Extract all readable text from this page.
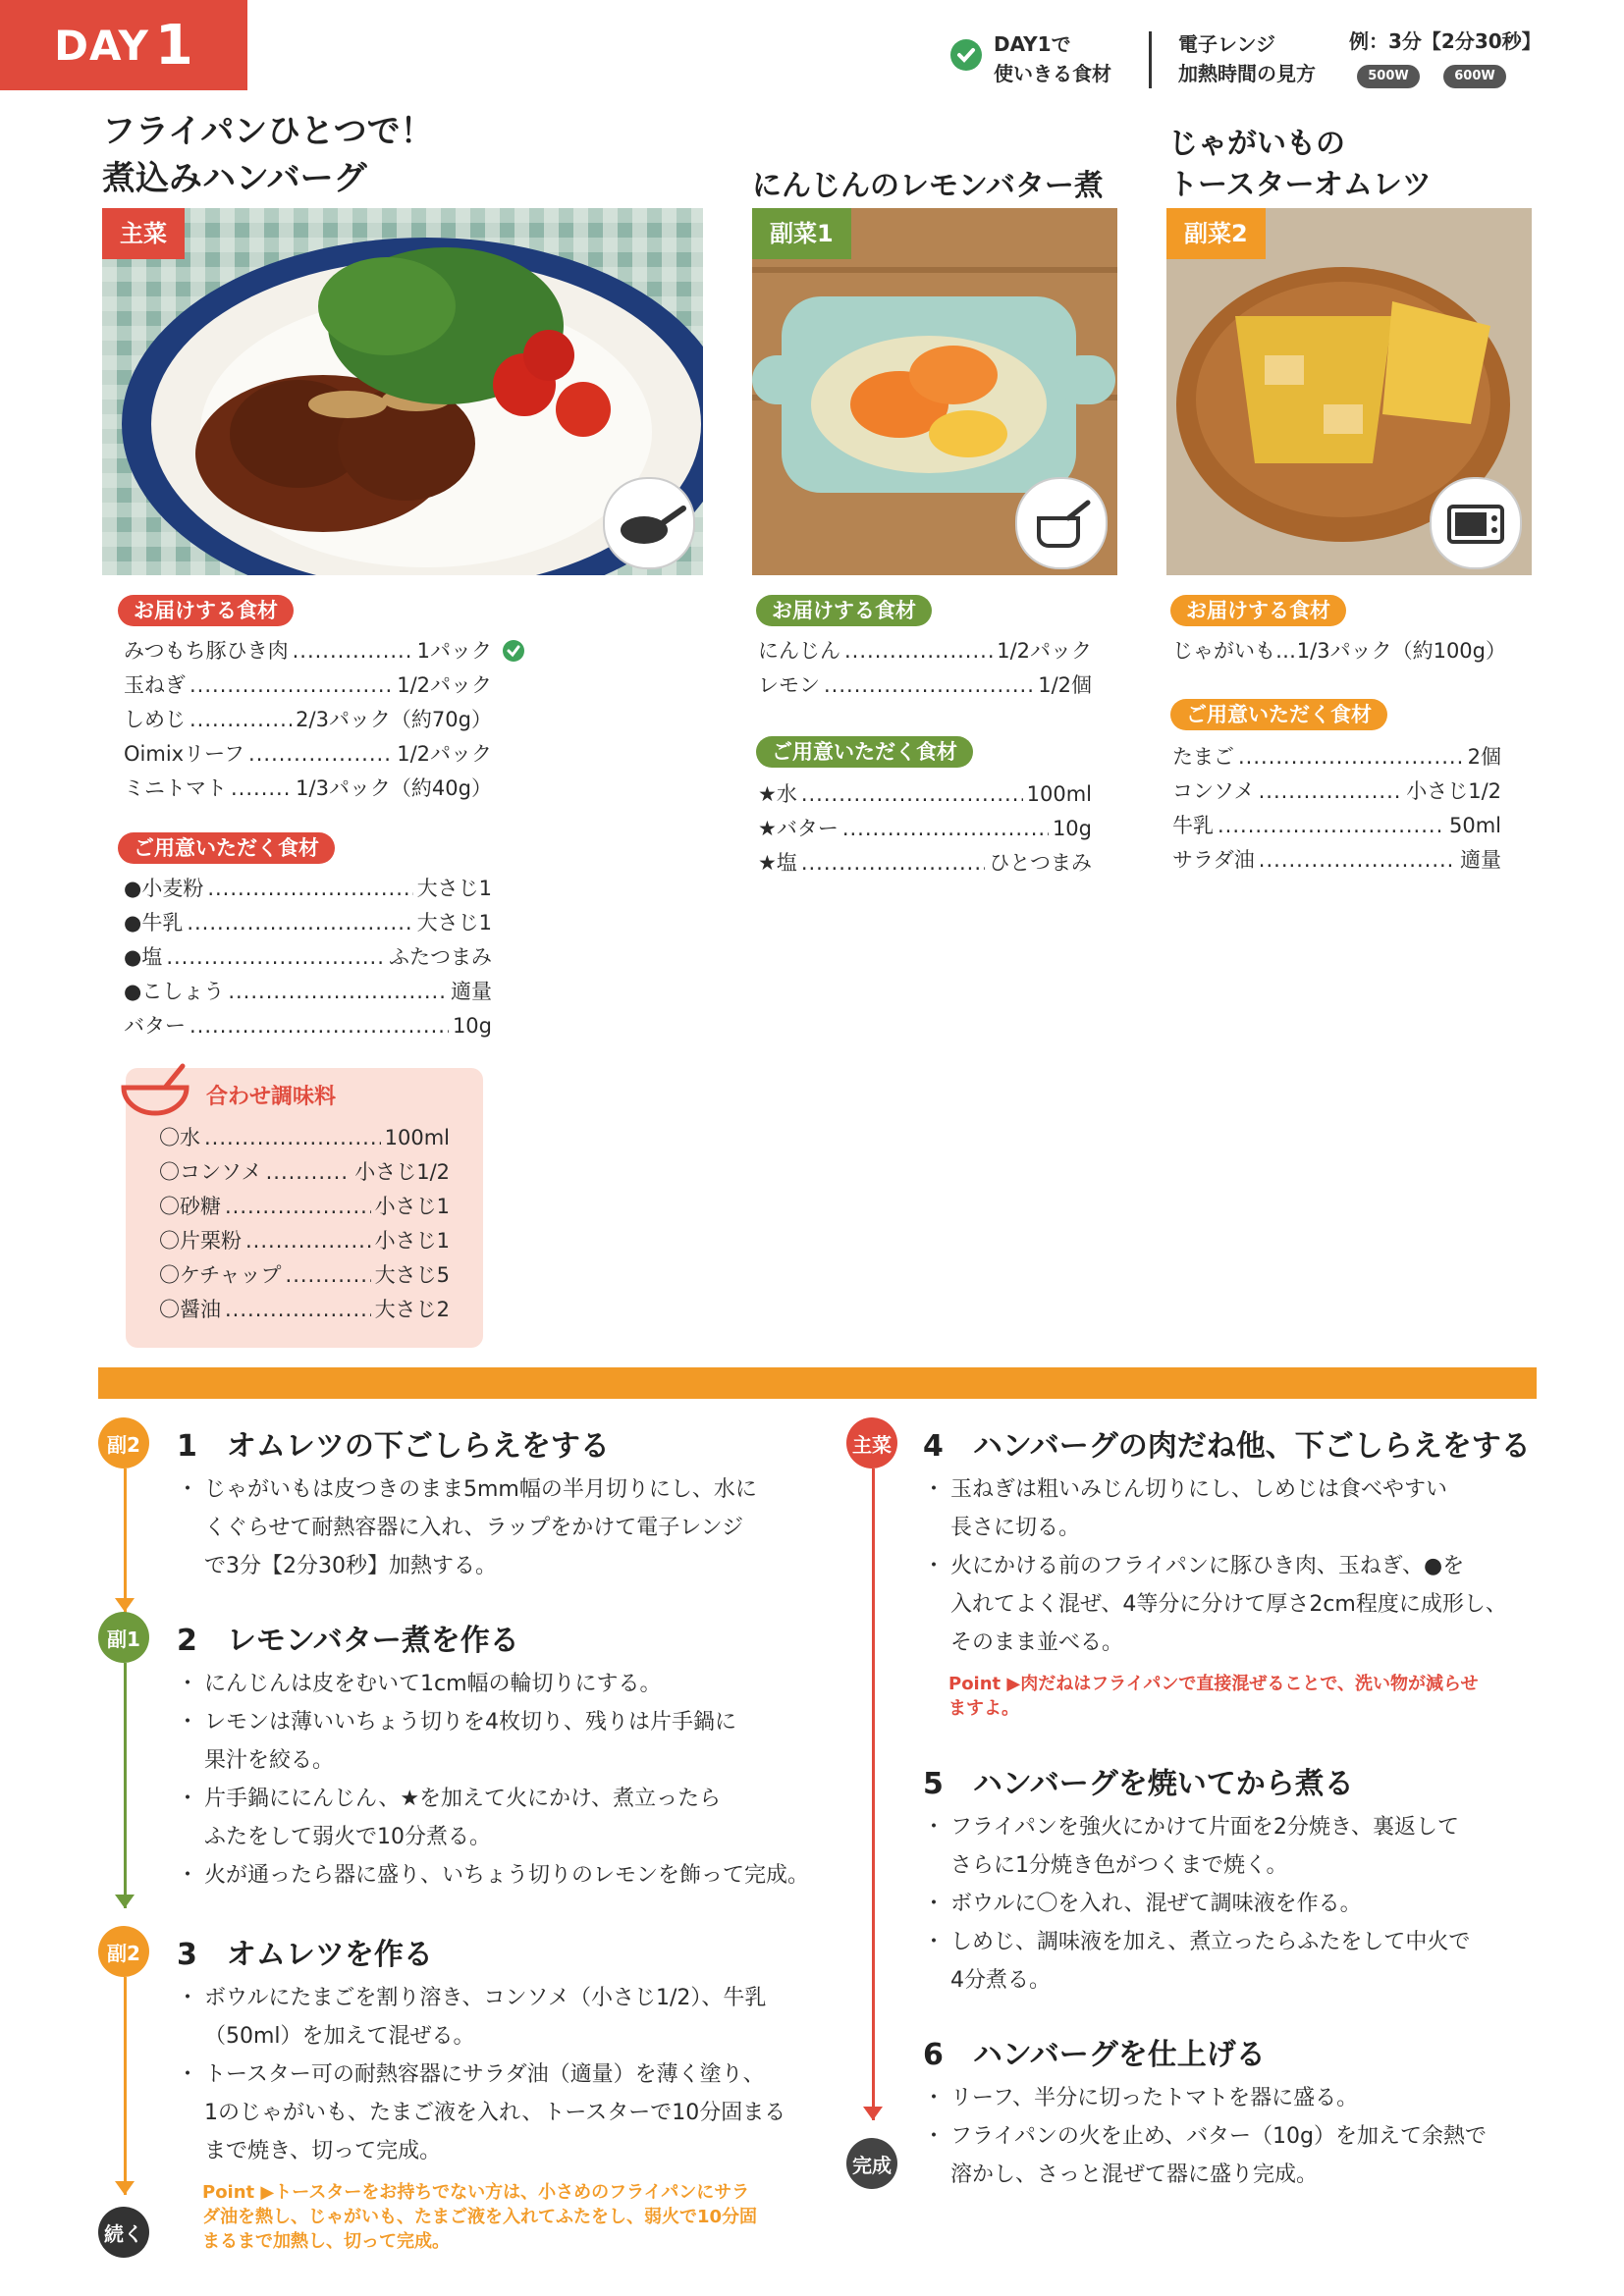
DAY 1	DAY1で
使いきる食材
電子レンジ
加熱時間の見方
例：3分【2分30秒】
500W	600W
フライパンひとつで！
煮込みハンバーグ	にんじんのレモンバター煮
じゃがいもの
トースターオムレツ
主菜	副菜1	副菜2
お届けする食材
みつもち豚ひき肉 .....	1パック
玉ねぎ .....	1/2パック
しめじ .....	2/3パック（約70g）
Oimixリーフ .....	1/2パック
ミニトマト .....	1/3パック（約40g）
ご用意いただく食材
●小麦粉 .....	大さじ1
●牛乳 .....	大さじ1
●塩 .....	ふたつまみ
●こしょう .....	適量
バター .....	10g
合わせ調味料
〇水 .....	100ml
〇コンソメ .....	小さじ1/2
〇砂糖 .....	小さじ1
〇片栗粉 .....	小さじ1
〇ケチャップ .....	大さじ5
〇醤油 .....	大さじ2
お届けする食材
にんじん .....	1/2パック
レモン .....	1/2個
ご用意いただく食材
★水 .....	100ml
★バター .....	10g
★塩 .....	ひとつまみ
お届けする食材
じゃがいも… 1/3パック（約100g）
ご用意いただく食材
たまご .....	2個
コンソメ .....	小さじ1/2
牛乳 .....	50ml
サラダ油 .....	適量
副2
副1
副2
続く
主菜
完成
1　 オムレツの下ごしらえをする
・ じゃがいもは皮つきのまま5mm幅の半月切りにし、水に
くぐらせて耐熱容器に入れ、ラップをかけて電子レンジ
で3分【2分30秒】加熱する。
2　 レモンバター煮を作る
・ にんじんは皮をむいて1cm幅の輪切りにする。
・ レモンは薄いいちょう切りを4枚切り、残りは片手鍋に
果汁を絞る。
・ 片手鍋ににんじん、★を加えて火にかけ、煮立ったら
ふたをして弱火で10分煮る。
・ 火が通ったら器に盛り、いちょう切りのレモンを飾って完成。
3　 オムレツを作る
・ ボウルにたまごを割り溶き、コンソメ（小さじ1/2）、牛乳
（50ml）を加えて混ぜる。
・ トースター可の耐熱容器にサラダ油（適量）を薄く塗り、
1のじゃがいも、たまご液を入れ、トースターで10分固まる
まで焼き、切って完成。
Point ▶トースターをお持ちでない方は、小さめのフライパンにサラ
ダ油を熱し、じゃがいも、たまご液を入れてふたをし、弱火で10分固
まるまで加熱し、切って完成。
4　 ハンバーグの肉だね他、下ごしらえをする
・ 玉ねぎは粗いみじん切りにし、しめじは食べやすい
長さに切る。
・ 火にかける前のフライパンに豚ひき肉、玉ねぎ、●を
入れてよく混ぜ、4等分に分けて厚さ2cm程度に成形し、
そのまま並べる。
Point ▶肉だねはフライパンで直接混ぜることで、洗い物が減らせ
ますよ。
5　 ハンバーグを焼いてから煮る
・ フライパンを強火にかけて片面を2分焼き、裏返して
さらに1分焼き色がつくまで焼く。
・ ボウルに〇を入れ、混ぜて調味液を作る。
・ しめじ、調味液を加え、煮立ったらふたをして中火で
4分煮る。
6　 ハンバーグを仕上げる
・ リーフ、半分に切ったトマトを器に盛る。
・ フライパンの火を止め、バター（10g）を加えて余熱で
溶かし、さっと混ぜて器に盛り完成。
